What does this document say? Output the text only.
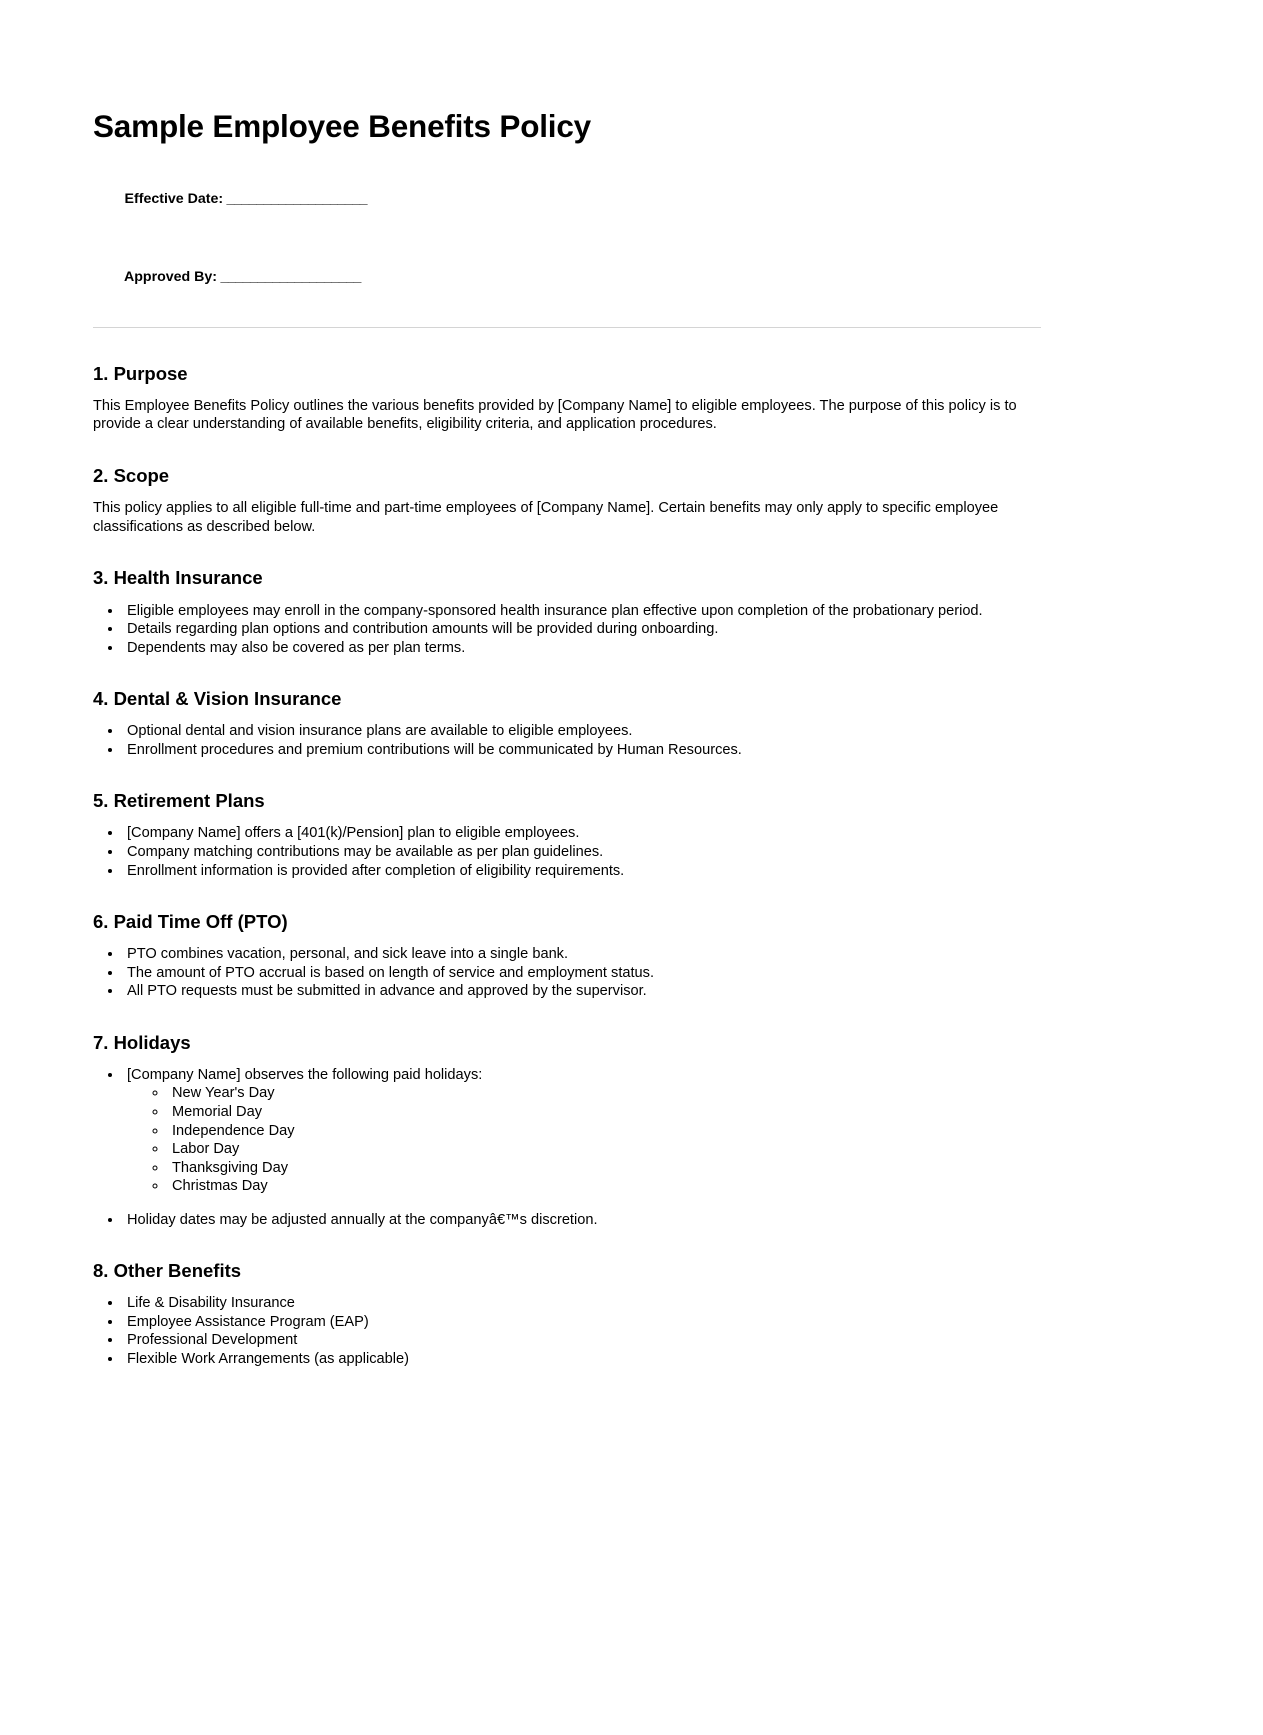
Sample Employee Benefits Policy

Effective Date: ___________________

Approved By: ___________________

1. Purpose

This Employee Benefits Policy outlines the various benefits provided by [Company Name] to eligible employees. The purpose of this policy is to provide a clear understanding of available benefits, eligibility criteria, and application procedures.

2. Scope

This policy applies to all eligible full-time and part-time employees of [Company Name]. Certain benefits may only apply to specific employee classifications as described below.

3. Health Insurance
• Eligible employees may enroll in the company-sponsored health insurance plan effective upon completion of the probationary period.
• Details regarding plan options and contribution amounts will be provided during onboarding.
• Dependents may also be covered as per plan terms.
4. Dental & Vision Insurance
• Optional dental and vision insurance plans are available to eligible employees.
• Enrollment procedures and premium contributions will be communicated by Human Resources.
5. Retirement Plans
• [Company Name] offers a [401(k)/Pension] plan to eligible employees.
• Company matching contributions may be available as per plan guidelines.
• Enrollment information is provided after completion of eligibility requirements.
6. Paid Time Off (PTO)
• PTO combines vacation, personal, and sick leave into a single bank.
• The amount of PTO accrual is based on length of service and employment status.
• All PTO requests must be submitted in advance and approved by the supervisor.
7. Holidays
• [Company Name] observes the following paid holidays:
◦ New Year's Day
◦ Memorial Day
◦ Independence Day
◦ Labor Day
◦ Thanksgiving Day
◦ Christmas Day
• Holiday dates may be adjusted annually at the companyâ€™s discretion.
8. Other Benefits
• Life & Disability Insurance
• Employee Assistance Program (EAP)
• Professional Development
• Flexible Work Arrangements (as applicable)
